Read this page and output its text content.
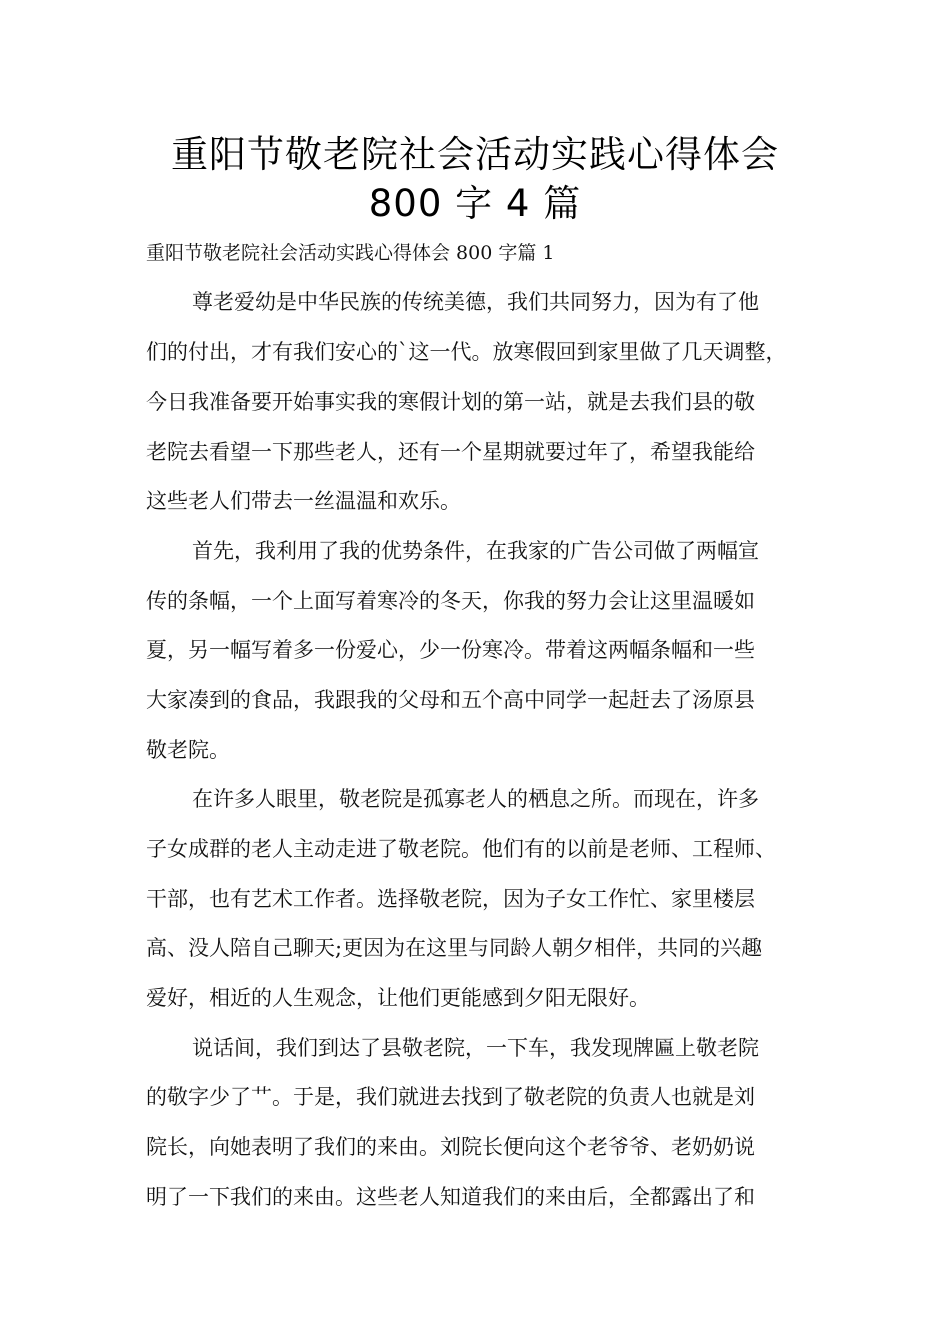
重阳节敬老院社会活动实践心得体会
800 字 4 篇
重阳节敬老院社会活动实践心得体会 800 字篇 1
尊老爱幼是中华民族的传统美德，我们共同努力，因为有了他
们的付出，才有我们安心的`这一代。放寒假回到家里做了几天调整，
今日我准备要开始事实我的寒假计划的第一站，就是去我们县的敬
老院去看望一下那些老人，还有一个星期就要过年了，希望我能给
这些老人们带去一丝温温和欢乐。
首先，我利用了我的优势条件，在我家的广告公司做了两幅宣
传的条幅，一个上面写着寒冷的冬天，你我的努力会让这里温暖如
夏，另一幅写着多一份爱心，少一份寒冷。带着这两幅条幅和一些
大家凑到的食品，我跟我的父母和五个高中同学一起赶去了汤原县
敬老院。
在许多人眼里，敬老院是孤寡老人的栖息之所。而现在，许多
子女成群的老人主动走进了敬老院。他们有的以前是老师、工程师、
干部，也有艺术工作者。选择敬老院，因为子女工作忙、家里楼层
高、没人陪自己聊天;更因为在这里与同龄人朝夕相伴，共同的兴趣
爱好，相近的人生观念，让他们更能感到夕阳无限好。
说话间，我们到达了县敬老院，一下车，我发现牌匾上敬老院
的敬字少了艹。于是，我们就进去找到了敬老院的负责人也就是刘
院长，向她表明了我们的来由。刘院长便向这个老爷爷、老奶奶说
明了一下我们的来由。这些老人知道我们的来由后，全都露出了和
